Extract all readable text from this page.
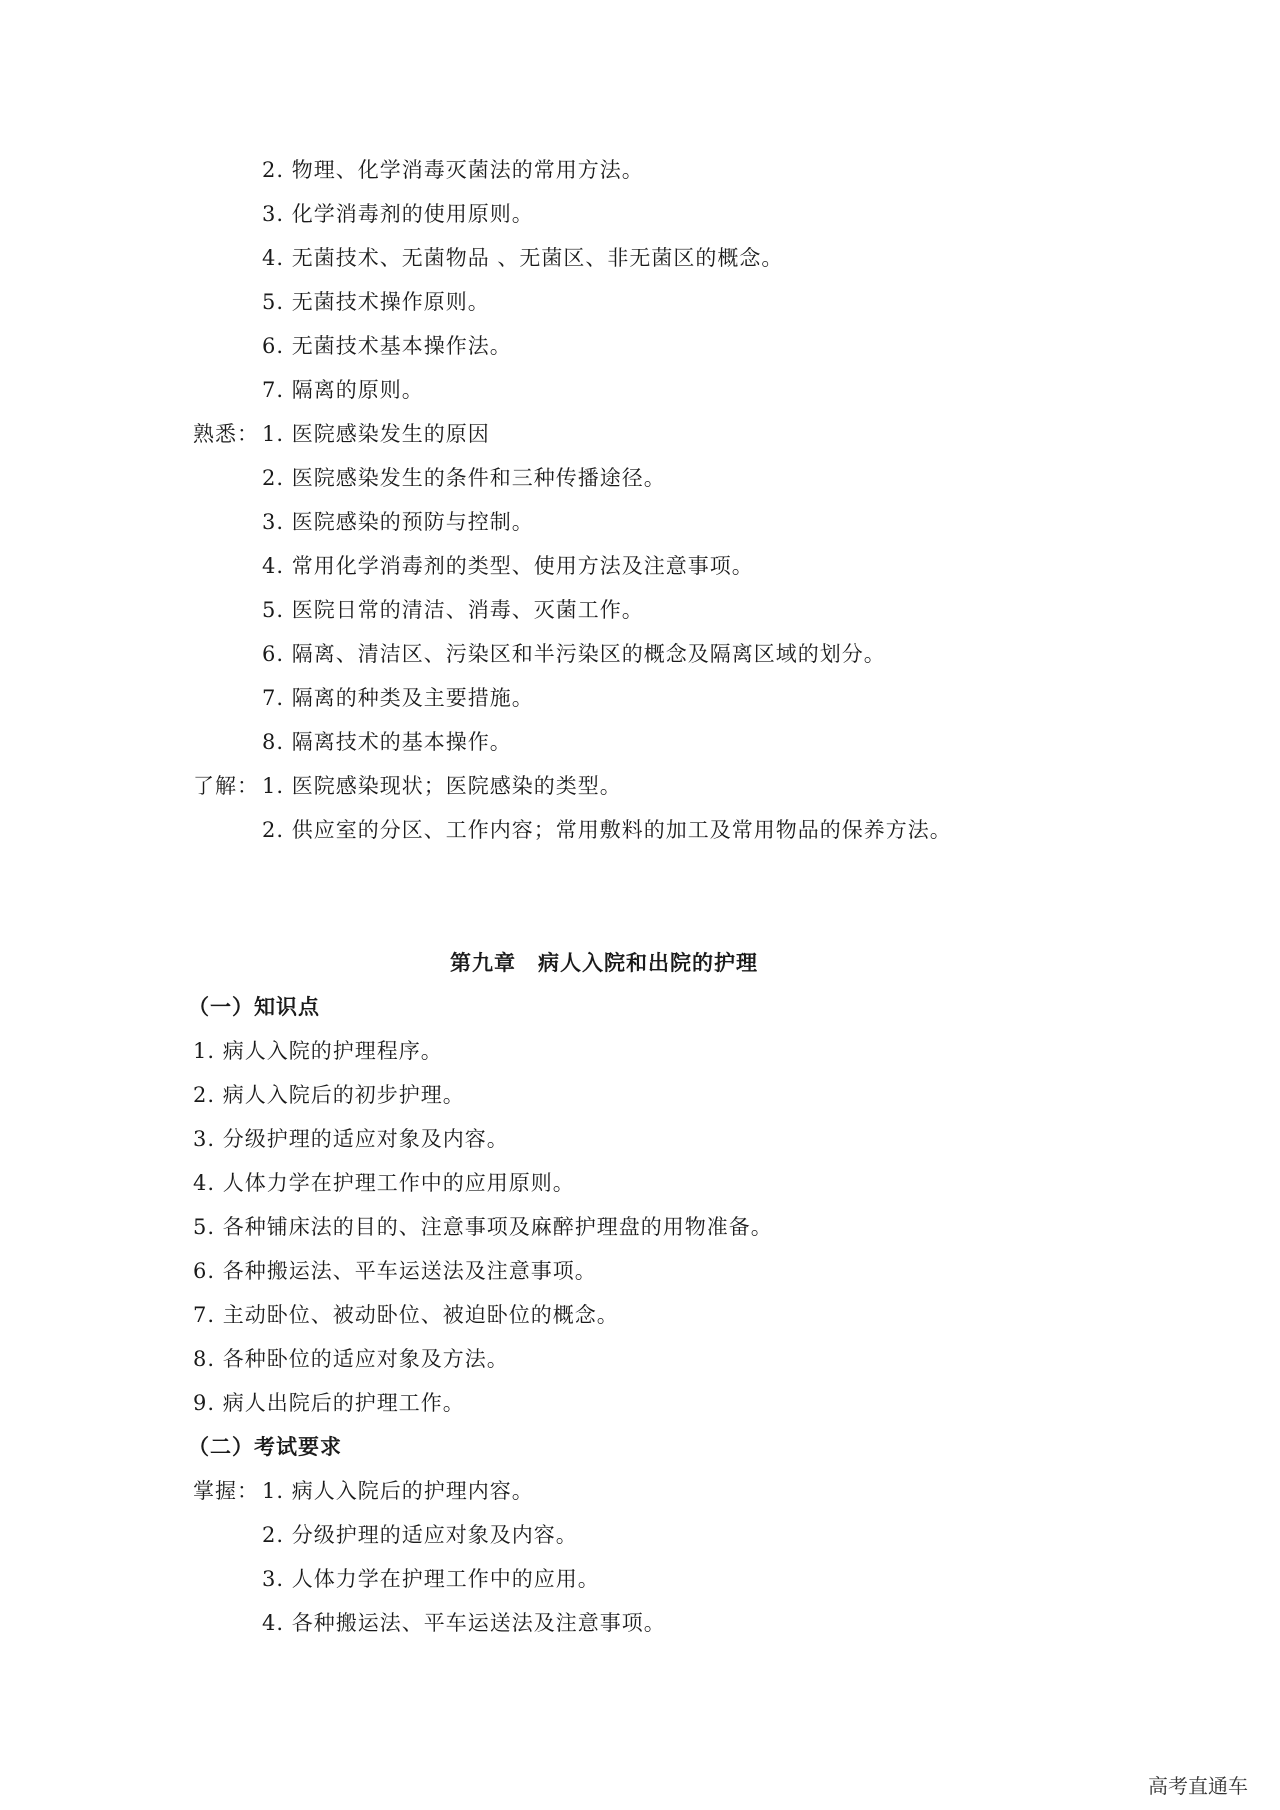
2. 物理、化学消毒灭菌法的常用方法。
3. 化学消毒剂的使用原则。
4. 无菌技术、无菌物品 、无菌区、非无菌区的概念。
5. 无菌技术操作原则。
6. 无菌技术基本操作法。
7. 隔离的原则。
熟悉： 1. 医院感染发生的原因
2. 医院感染发生的条件和三种传播途径。
3. 医院感染的预防与控制。
4. 常用化学消毒剂的类型、使用方法及注意事项。
5. 医院日常的清洁、消毒、灭菌工作。
6. 隔离、清洁区、污染区和半污染区的概念及隔离区域的划分。
7. 隔离的种类及主要措施。
8. 隔离技术的基本操作。
了解： 1. 医院感染现状；医院感染的类型。
2. 供应室的分区、工作内容；常用敷料的加工及常用物品的保养方法。
第九章　病人入院和出院的护理
（一）知识点
1. 病人入院的护理程序。
2. 病人入院后的初步护理。
3. 分级护理的适应对象及内容。
4. 人体力学在护理工作中的应用原则。
5. 各种铺床法的目的、注意事项及麻醉护理盘的用物准备。
6. 各种搬运法、平车运送法及注意事项。
7. 主动卧位、被动卧位、被迫卧位的概念。
8. 各种卧位的适应对象及方法。
9. 病人出院后的护理工作。
（二）考试要求
掌握： 1. 病人入院后的护理内容。
2. 分级护理的适应对象及内容。
3. 人体力学在护理工作中的应用。
4. 各种搬运法、平车运送法及注意事项。
高考直通车
